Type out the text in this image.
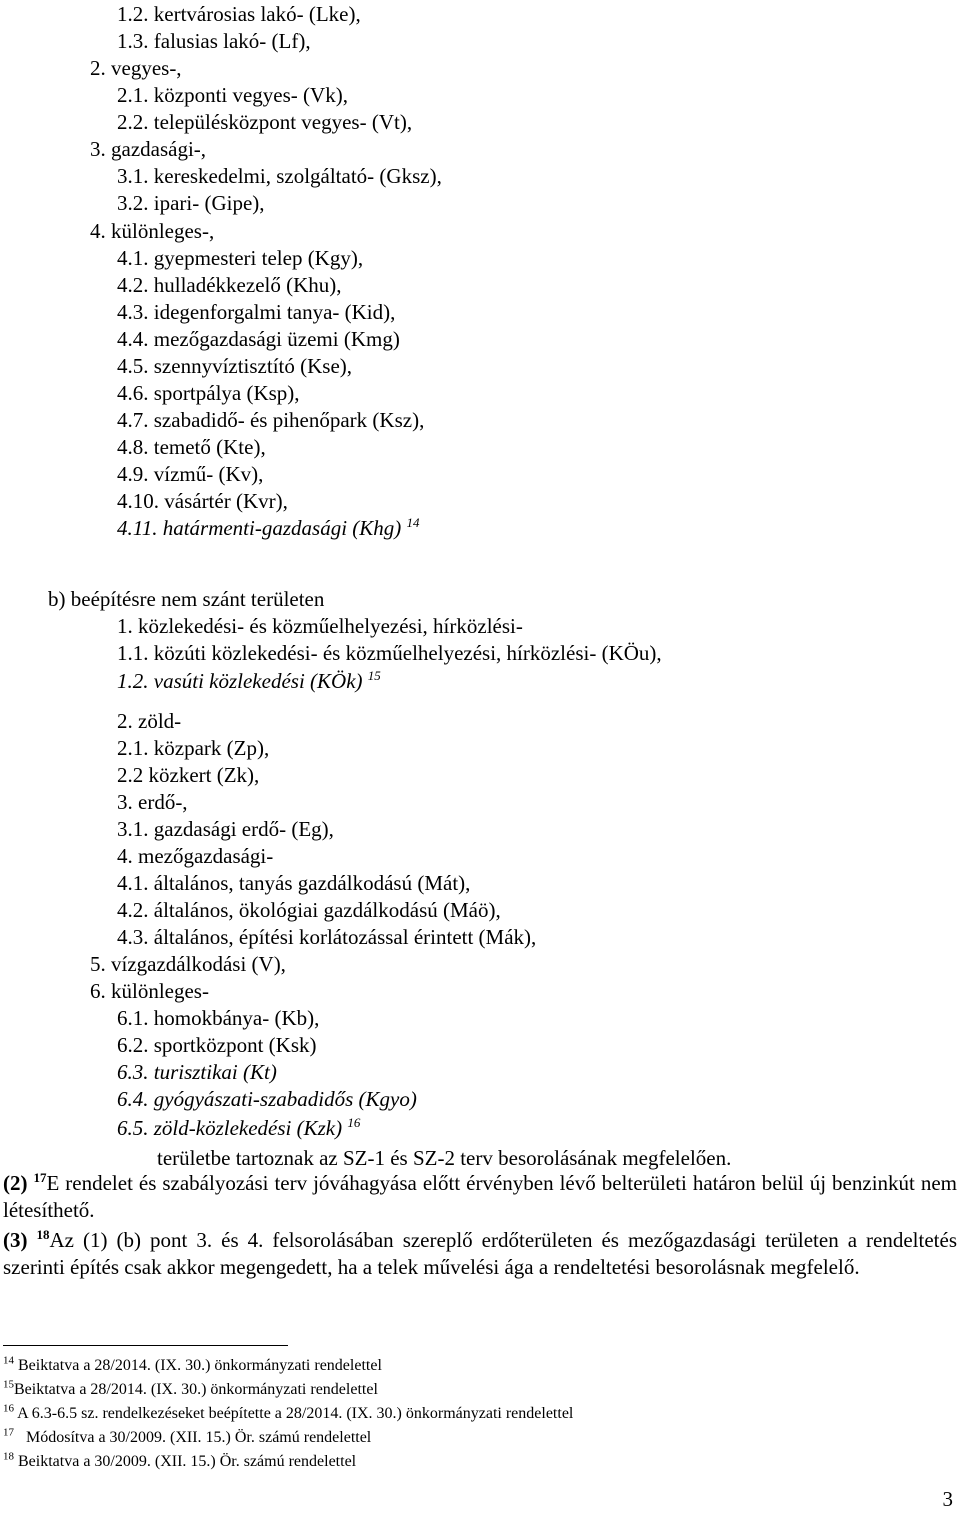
1.2. kertvárosias lakó- (Lke),
1.3. falusias lakó- (Lf),
2. vegyes-,
2.1. központi vegyes- (Vk),
2.2. településközpont vegyes- (Vt),
3. gazdasági-,
3.1. kereskedelmi, szolgáltató- (Gksz),
3.2. ipari- (Gipe),
4. különleges-,
4.1. gyepmesteri telep (Kgy),
4.2. hulladékkezelő (Khu),
4.3. idegenforgalmi tanya- (Kid),
4.4. mezőgazdasági üzemi (Kmg)
4.5. szennyvíztisztító (Kse),
4.6. sportpálya (Ksp),
4.7. szabadidő- és pihenőpark (Ksz),
4.8. temető (Kte),
4.9. vízmű- (Kv),
4.10. vásártér (Kvr),
4.11. határmenti-gazdasági (Khg) $^{14}$
b) beépítésre nem szánt területen
1. közlekedési- és közműelhelyezési, hírközlési-
1.1. közúti közlekedési- és közműelhelyezési, hírközlési- (KÖu),
1.2. vasúti közlekedési (KÖk) $^{15}$
2. zöld-
2.1. közpark (Zp),
2.2 közkert (Zk),
3. erdő-,
3.1. gazdasági erdő- (Eg),
4. mezőgazdasági-
4.1. általános, tanyás gazdálkodású (Mát),
4.2. általános, ökológiai gazdálkodású (Máö),
4.3. általános, építési korlátozással érintett (Mák),
5. vízgazdálkodási (V),
6. különleges-
6.1. homokbánya- (Kb),
6.2. sportközpont (Ksk)
6.3. turisztikai (Kt)
6.4. gyógyászati-szabadidős (Kgyo)
6.5. zöld-közlekedési (Kzk) $^{16}$
területbe tartoznak az SZ-1 és SZ-2 terv besorolásának megfelelően.
(2) $^{17}$E rendelet és szabályozási terv jóváhagyása előtt érvényben lévő belterületi határon belül új benzinkút nem létesíthető.
(3) $^{18}$Az (1) (b) pont 3. és 4. felsorolásában szereplő erdőterületen és mezőgazdasági területen a rendeltetés szerinti építés csak akkor megengedett, ha a telek művelési ága a rendeltetési besorolásnak megfelelő.
$^{14}$ Beiktatva a 28/2014. (IX. 30.) önkormányzati rendelettel
$^{15}$Beiktatva a 28/2014. (IX. 30.) önkormányzati rendelettel
$^{16}$ A 6.3-6.5 sz. rendelkezéseket beépítette a 28/2014. (IX. 30.) önkormányzati rendelettel
$^{17}$   Módosítva a 30/2009. (XII. 15.) Ör. számú rendelettel
$^{18}$ Beiktatva a 30/2009. (XII. 15.) Ör. számú rendelettel
3
